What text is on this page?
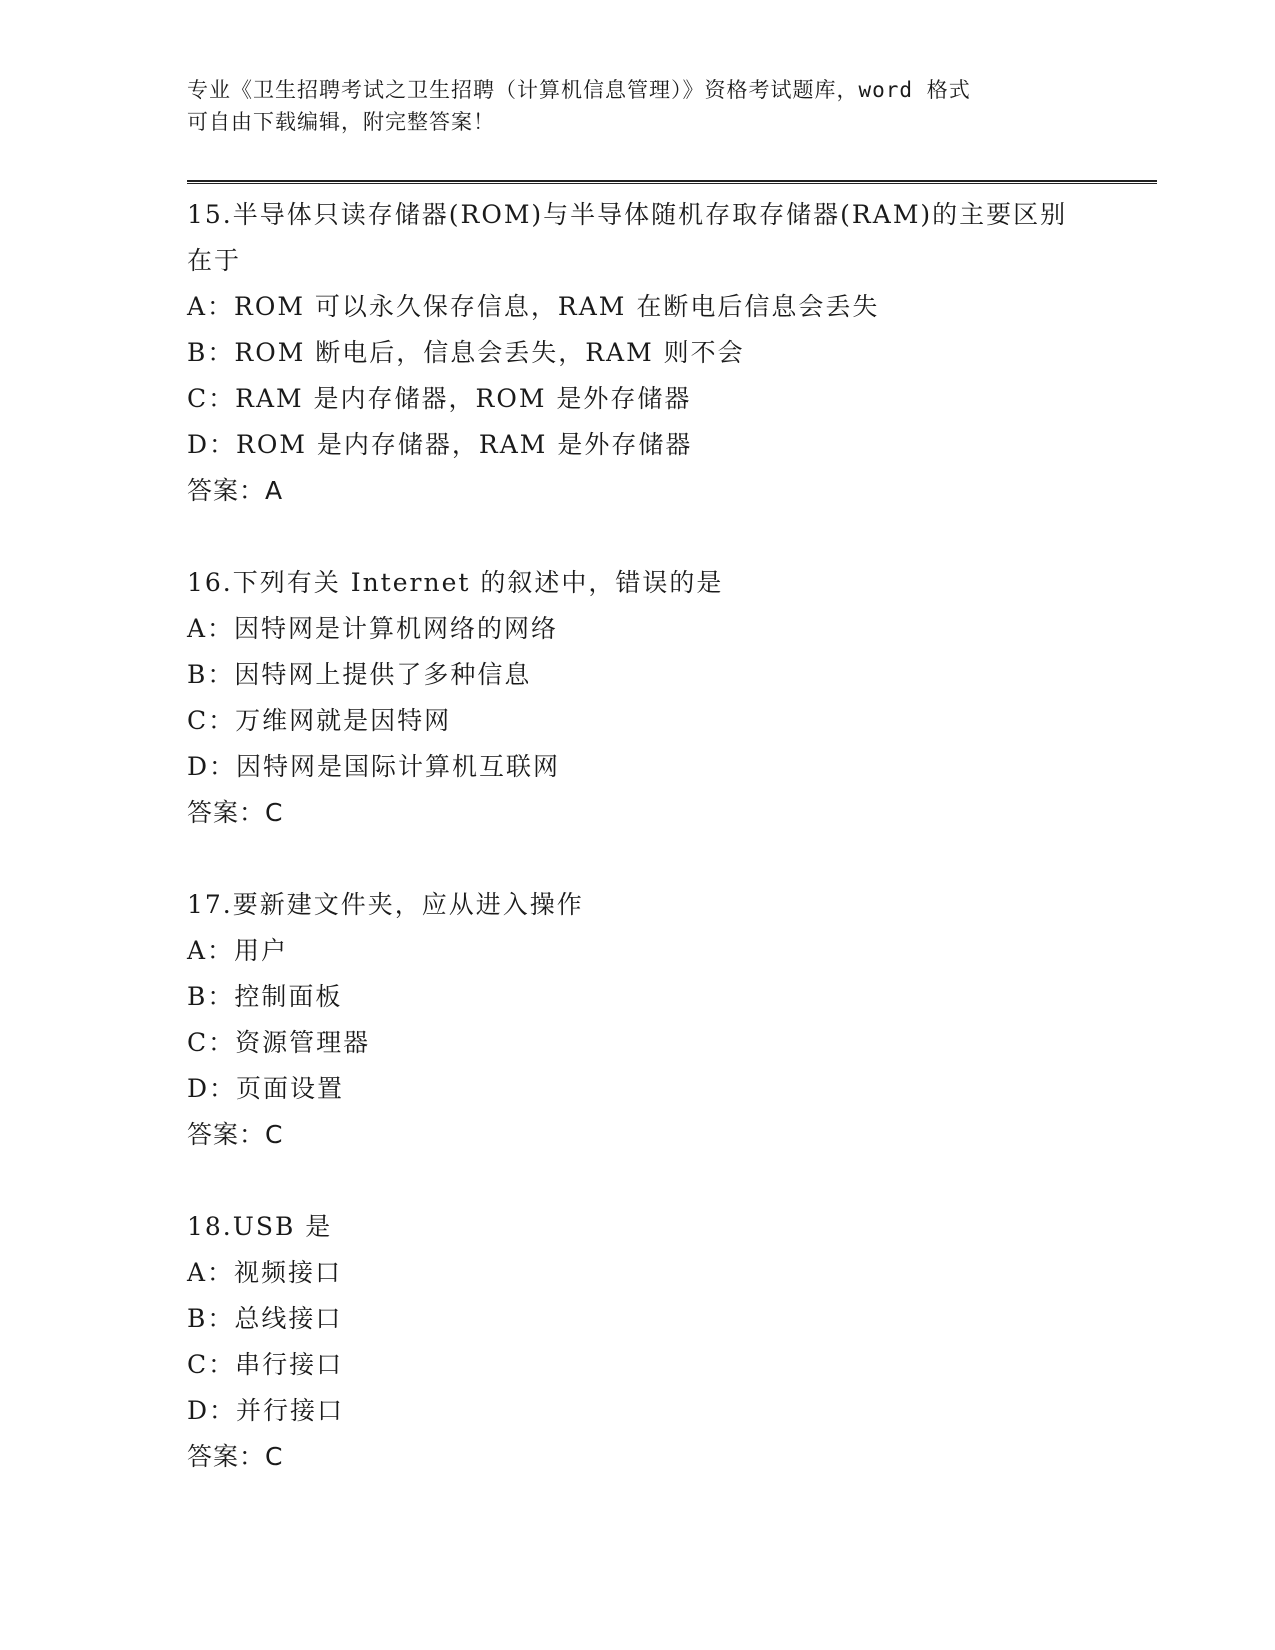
专业《卫生招聘考试之卫生招聘（计算机信息管理）》资格考试题库，word 格式
可自由下载编辑，附完整答案！
15.半导体只读存储器(ROM)与半导体随机存取存储器(RAM)的主要区别在于
A：ROM 可以永久保存信息，RAM 在断电后信息会丢失
B：ROM 断电后，信息会丢失，RAM 则不会
C：RAM 是内存储器，ROM 是外存储器
D：ROM 是内存储器，RAM 是外存储器
答案：A
16.下列有关 Internet 的叙述中，错误的是
A：因特网是计算机网络的网络
B：因特网上提供了多种信息
C：万维网就是因特网
D：因特网是国际计算机互联网
答案：C
17.要新建文件夹，应从进入操作
A：用户
B：控制面板
C：资源管理器
D：页面设置
答案：C
18.USB 是
A：视频接口
B：总线接口
C：串行接口
D：并行接口
答案：C
